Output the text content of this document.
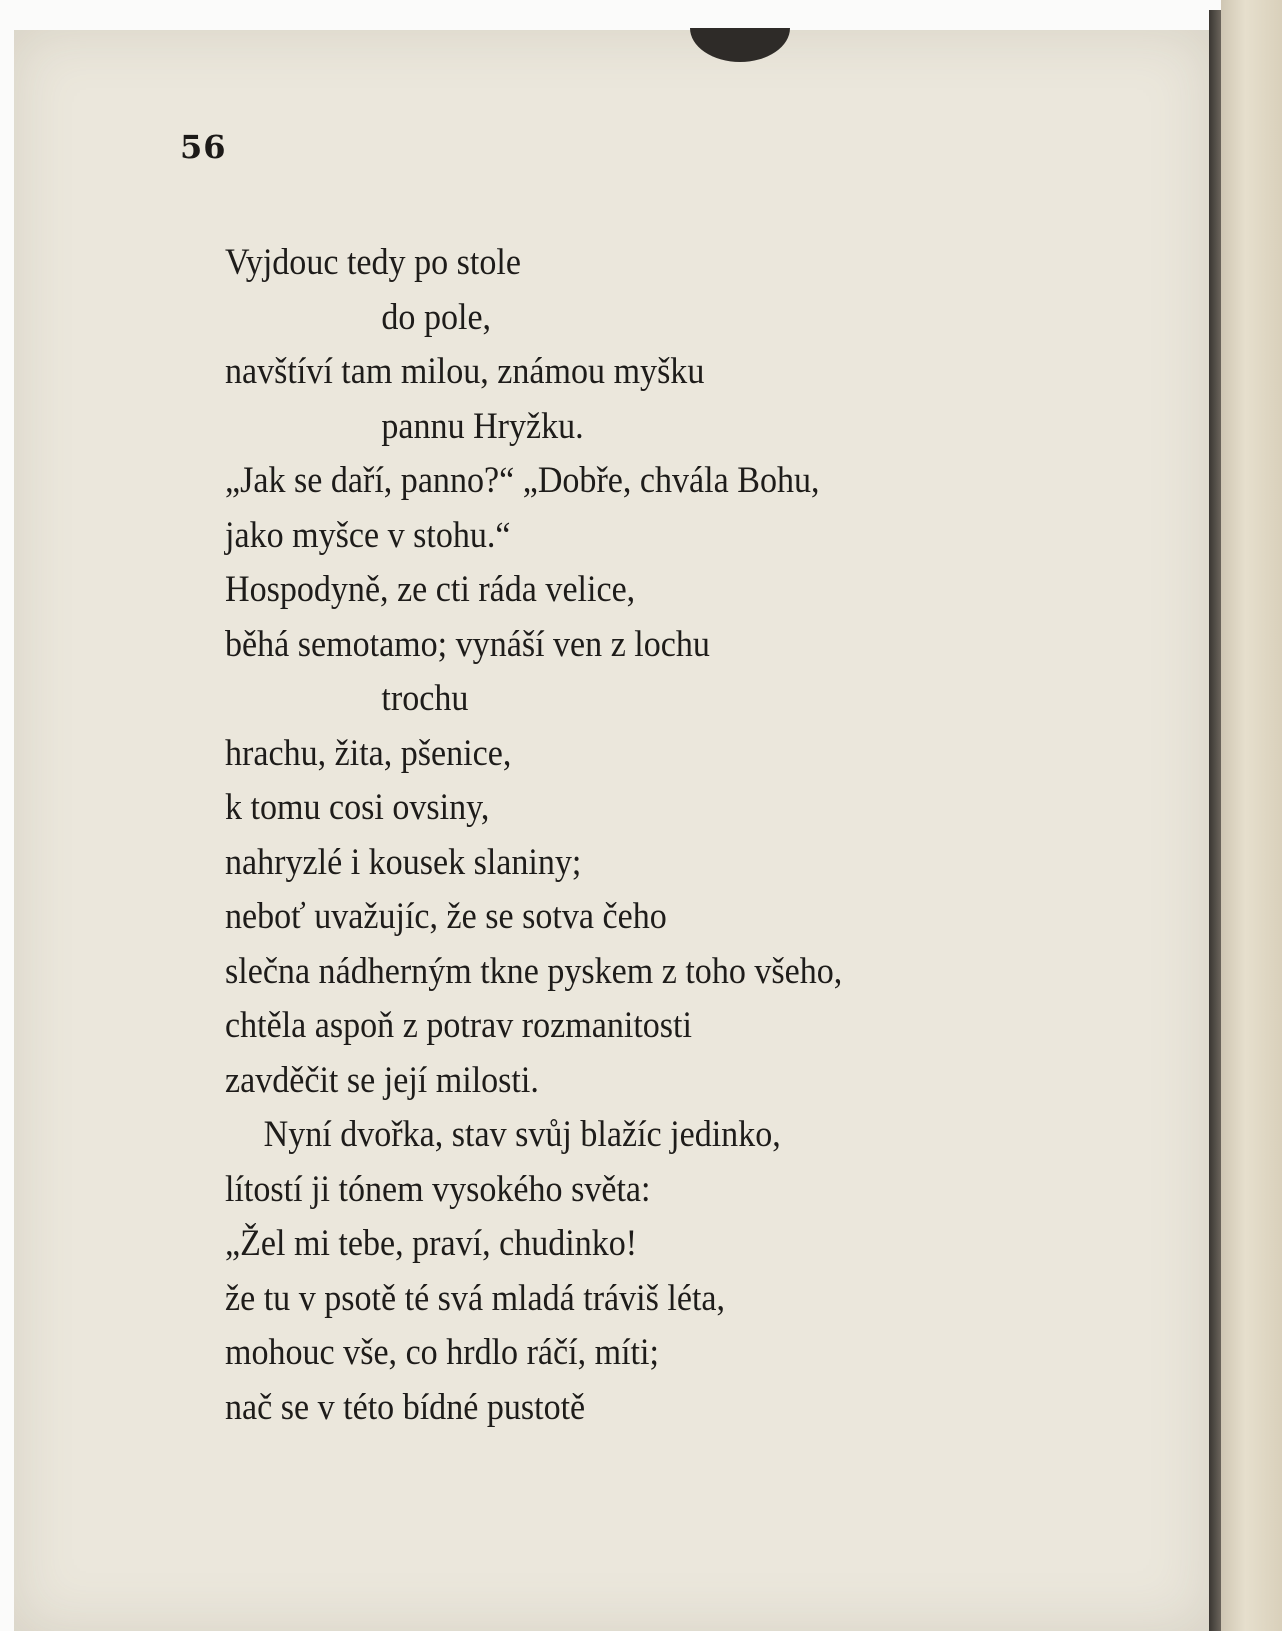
56
Vyjdouc tedy po stole
do pole,
navštíví tam milou, známou myšku
pannu Hryžku.
„Jak se daří, panno?“ „Dobře, chvála Bohu,
jako myšce v stohu.“
Hospodyně, ze cti ráda velice,
běhá semotamo; vynáší ven z lochu
trochu
hrachu, žita, pšenice,
k tomu cosi ovsiny,
nahryzlé i kousek slaniny;
neboť uvažujíc, že se sotva čeho
slečna nádherným tkne pyskem z toho všeho,
chtěla aspoň z potrav rozmanitosti
zavděčit se její milosti.
Nyní dvořka, stav svůj blažíc jedinko,
lítostí ji tónem vysokého světa:
„Žel mi tebe, praví, chudinko!
že tu v psotě té svá mladá tráviš léta,
mohouc vše, co hrdlo ráčí, míti;
nač se v této bídné pustotě
